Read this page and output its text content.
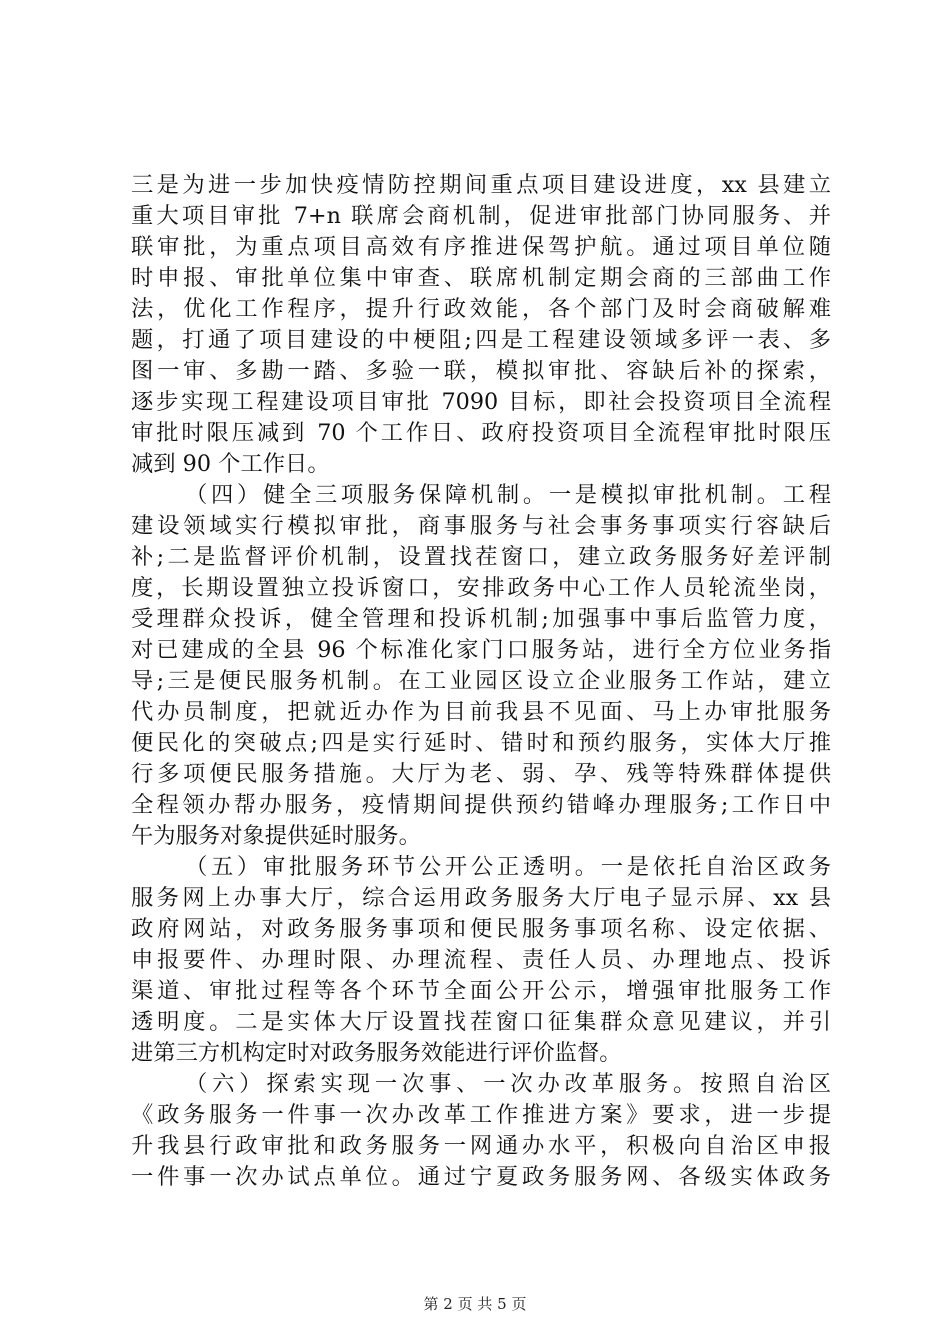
三是为进一步加快疫情防控期间重点项目建设进度，xx 县建立
重大项目审批 7+n 联席会商机制，促进审批部门协同服务、并
联审批，为重点项目高效有序推进保驾护航。通过项目单位随
时申报、审批单位集中审查、联席机制定期会商的三部曲工作
法，优化工作程序，提升行政效能，各个部门及时会商破解难
题，打通了项目建设的中梗阻;四是工程建设领域多评一表、多
图一审、多勘一踏、多验一联，模拟审批、容缺后补的探索，
逐步实现工程建设项目审批 7090 目标，即社会投资项目全流程
审批时限压减到 70 个工作日、政府投资项目全流程审批时限压
减到 90 个工作日。
（四）健全三项服务保障机制。一是模拟审批机制。工程
建设领域实行模拟审批，商事服务与社会事务事项实行容缺后
补;二是监督评价机制，设置找茬窗口，建立政务服务好差评制
度，长期设置独立投诉窗口，安排政务中心工作人员轮流坐岗，
受理群众投诉，健全管理和投诉机制;加强事中事后监管力度，
对已建成的全县 96 个标准化家门口服务站，进行全方位业务指
导;三是便民服务机制。在工业园区设立企业服务工作站，建立
代办员制度，把就近办作为目前我县不见面、马上办审批服务
便民化的突破点;四是实行延时、错时和预约服务，实体大厅推
行多项便民服务措施。大厅为老、弱、孕、残等特殊群体提供
全程领办帮办服务，疫情期间提供预约错峰办理服务;工作日中
午为服务对象提供延时服务。
（五）审批服务环节公开公正透明。一是依托自治区政务
服务网上办事大厅，综合运用政务服务大厅电子显示屏、xx 县
政府网站，对政务服务事项和便民服务事项名称、设定依据、
申报要件、办理时限、办理流程、责任人员、办理地点、投诉
渠道、审批过程等各个环节全面公开公示，增强审批服务工作
透明度。二是实体大厅设置找茬窗口征集群众意见建议，并引
进第三方机构定时对政务服务效能进行评价监督。
（六）探索实现一次事、一次办改革服务。按照自治区
《政务服务一件事一次办改革工作推进方案》要求，进一步提
升我县行政审批和政务服务一网通办水平，积极向自治区申报
一件事一次办试点单位。通过宁夏政务服务网、各级实体政务
第 2 页 共 5 页
